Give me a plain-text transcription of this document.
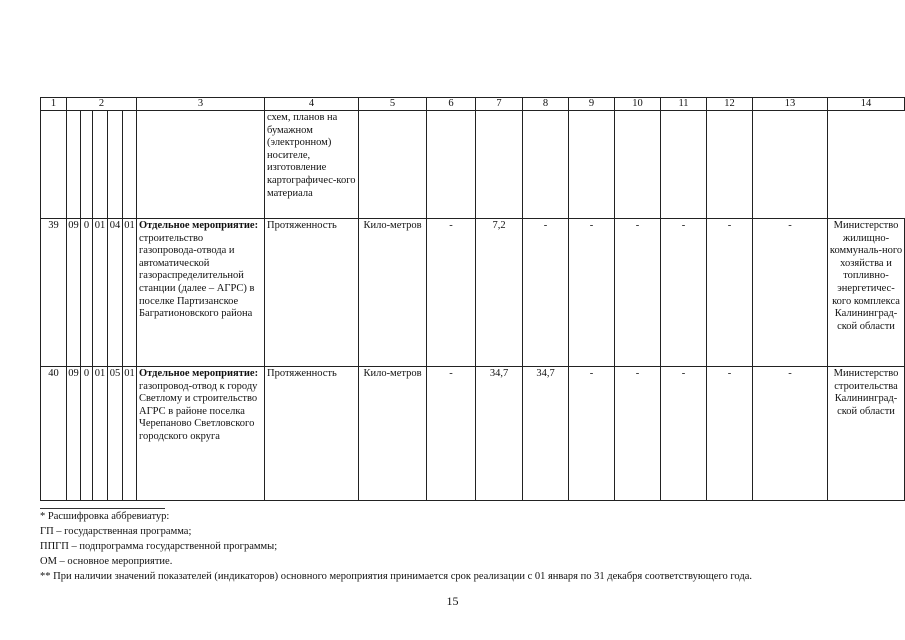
1	2					3	4	5	6	7	8	9	10	11	12	13	14
							схем, планов на бумажном (электронном) носителе, изготовление картографичес-кого материала										
39	09	0	01	04	01	Отдельное мероприятие:
строительство газопровода-отвода и автоматической газораспределительной станции (далее – АГРС) в поселке Партизанское Багратионовского района	Протяженность	Кило-метров	-	7,2	-	-	-	-	-	-	Министерство жилищно-коммуналь-ного хозяйства и топливно-энергетичес-кого комплекса Калининград-ской области
40	09	0	01	05	01	Отдельное мероприятие:
газопровод-отвод к городу Светлому и строительство АГРС в районе поселка Черепаново Светловского городского округа	Протяженность	Кило-метров	-	34,7	34,7	-	-	-	-	-	Министерство строительства Калининград-ской области
* Расшифровка аббревиатур:
ГП – государственная программа;
ППГП – подпрограмма государственной программы;
ОМ – основное мероприятие.
** При наличии значений показателей (индикаторов) основного мероприятия принимается срок реализации с 01 января по 31 декабря соответствующего года.
15
